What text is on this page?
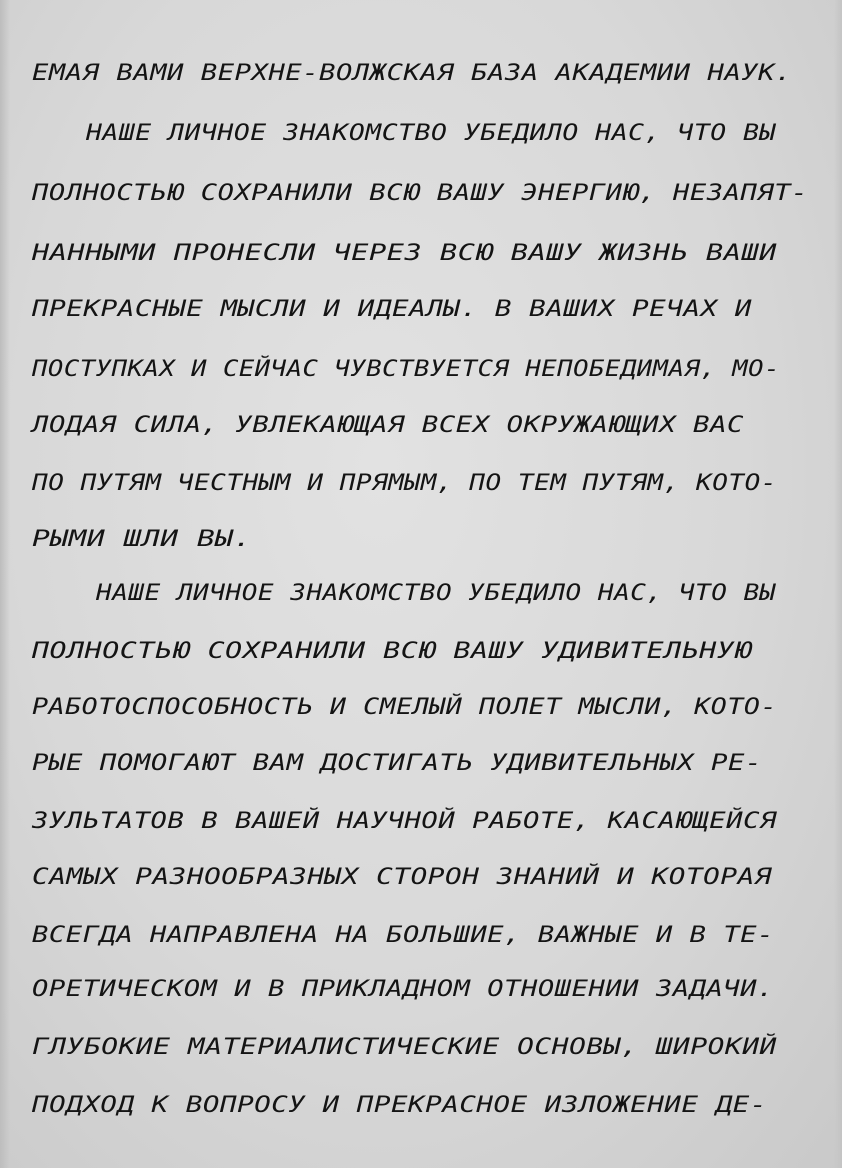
ЕМАЯ ВАМИ ВЕРХНЕ-ВОЛЖСКАЯ БАЗА АКАДЕМИИ НАУК.

НАШЕ ЛИЧНОЕ ЗНАКОМСТВО УБЕДИЛО НАС, ЧТО ВЫ

ПОЛНОСТЬЮ СОХРАНИЛИ ВСЮ ВАШУ ЭНЕРГИЮ, НЕЗАПЯТ-

НАННЫМИ ПРОНЕСЛИ ЧЕРЕЗ ВСЮ ВАШУ ЖИЗНЬ ВАШИ

ПРЕКРАСНЫЕ МЫСЛИ И ИДЕАЛЫ. В ВАШИХ РЕЧАХ И

ПОСТУПКАХ И СЕЙЧАС ЧУВСТВУЕТСЯ НЕПОБЕДИМАЯ, МО-

ЛОДАЯ СИЛА, УВЛЕКАЮЩАЯ ВСЕХ ОКРУЖАЮЩИХ ВАС

ПО ПУТЯМ ЧЕСТНЫМ И ПРЯМЫМ, ПО ТЕМ ПУТЯМ, КОТО-

РЫМИ ШЛИ ВЫ.

НАШЕ ЛИЧНОЕ ЗНАКОМСТВО УБЕДИЛО НАС, ЧТО ВЫ

ПОЛНОСТЬЮ СОХРАНИЛИ ВСЮ ВАШУ УДИВИТЕЛЬНУЮ

РАБОТОСПОСОБНОСТЬ И СМЕЛЫЙ ПОЛЕТ МЫСЛИ, КОТО-

РЫЕ ПОМОГАЮТ ВАМ ДОСТИГАТЬ УДИВИТЕЛЬНЫХ РЕ-

ЗУЛЬТАТОВ В ВАШЕЙ НАУЧНОЙ РАБОТЕ, КАСАЮЩЕЙСЯ

САМЫХ РАЗНООБРАЗНЫХ СТОРОН ЗНАНИЙ И КОТОРАЯ

ВСЕГДА НАПРАВЛЕНА НА БОЛЬШИЕ, ВАЖНЫЕ И В ТЕ-

ОРЕТИЧЕСКОМ И В ПРИКЛАДНОМ ОТНОШЕНИИ ЗАДАЧИ.

ГЛУБОКИЕ МАТЕРИАЛИСТИЧЕСКИЕ ОСНОВЫ, ШИРОКИЙ

ПОДХОД К ВОПРОСУ И ПРЕКРАСНОЕ ИЗЛОЖЕНИЕ ДЕ-
